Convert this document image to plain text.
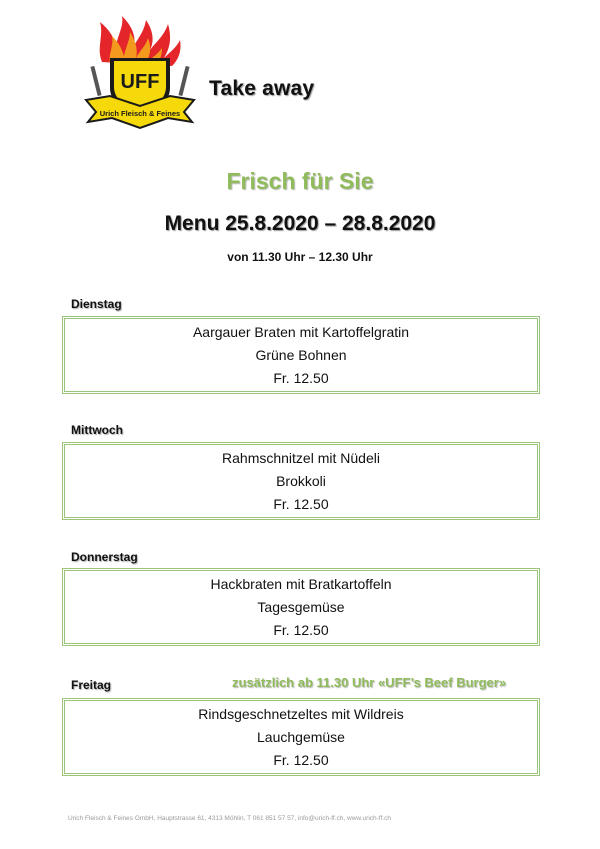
UFF
Urich Fleisch & Feines
Take away
Frisch für Sie
Menu 25.8.2020 – 28.8.2020
von 11.30 Uhr – 12.30 Uhr
Dienstag
Aargauer Braten mit Kartoffelgratin
Grüne Bohnen
Fr. 12.50
Mittwoch
Rahmschnitzel mit Nüdeli
Brokkoli
Fr. 12.50
Donnerstag
Hackbraten mit Bratkartoffeln
Tagesgemüse
Fr. 12.50
Freitag	zusätzlich ab 11.30 Uhr «UFF’s Beef Burger»
Rindsgeschnetzeltes mit Wildreis
Lauchgemüse
Fr. 12.50
Urich Fleisch & Feines GmbH, Hauptstrasse 61, 4313 Möhlin, T 061 851 57 57, info@urich-ff.ch, www.urich-ff.ch
